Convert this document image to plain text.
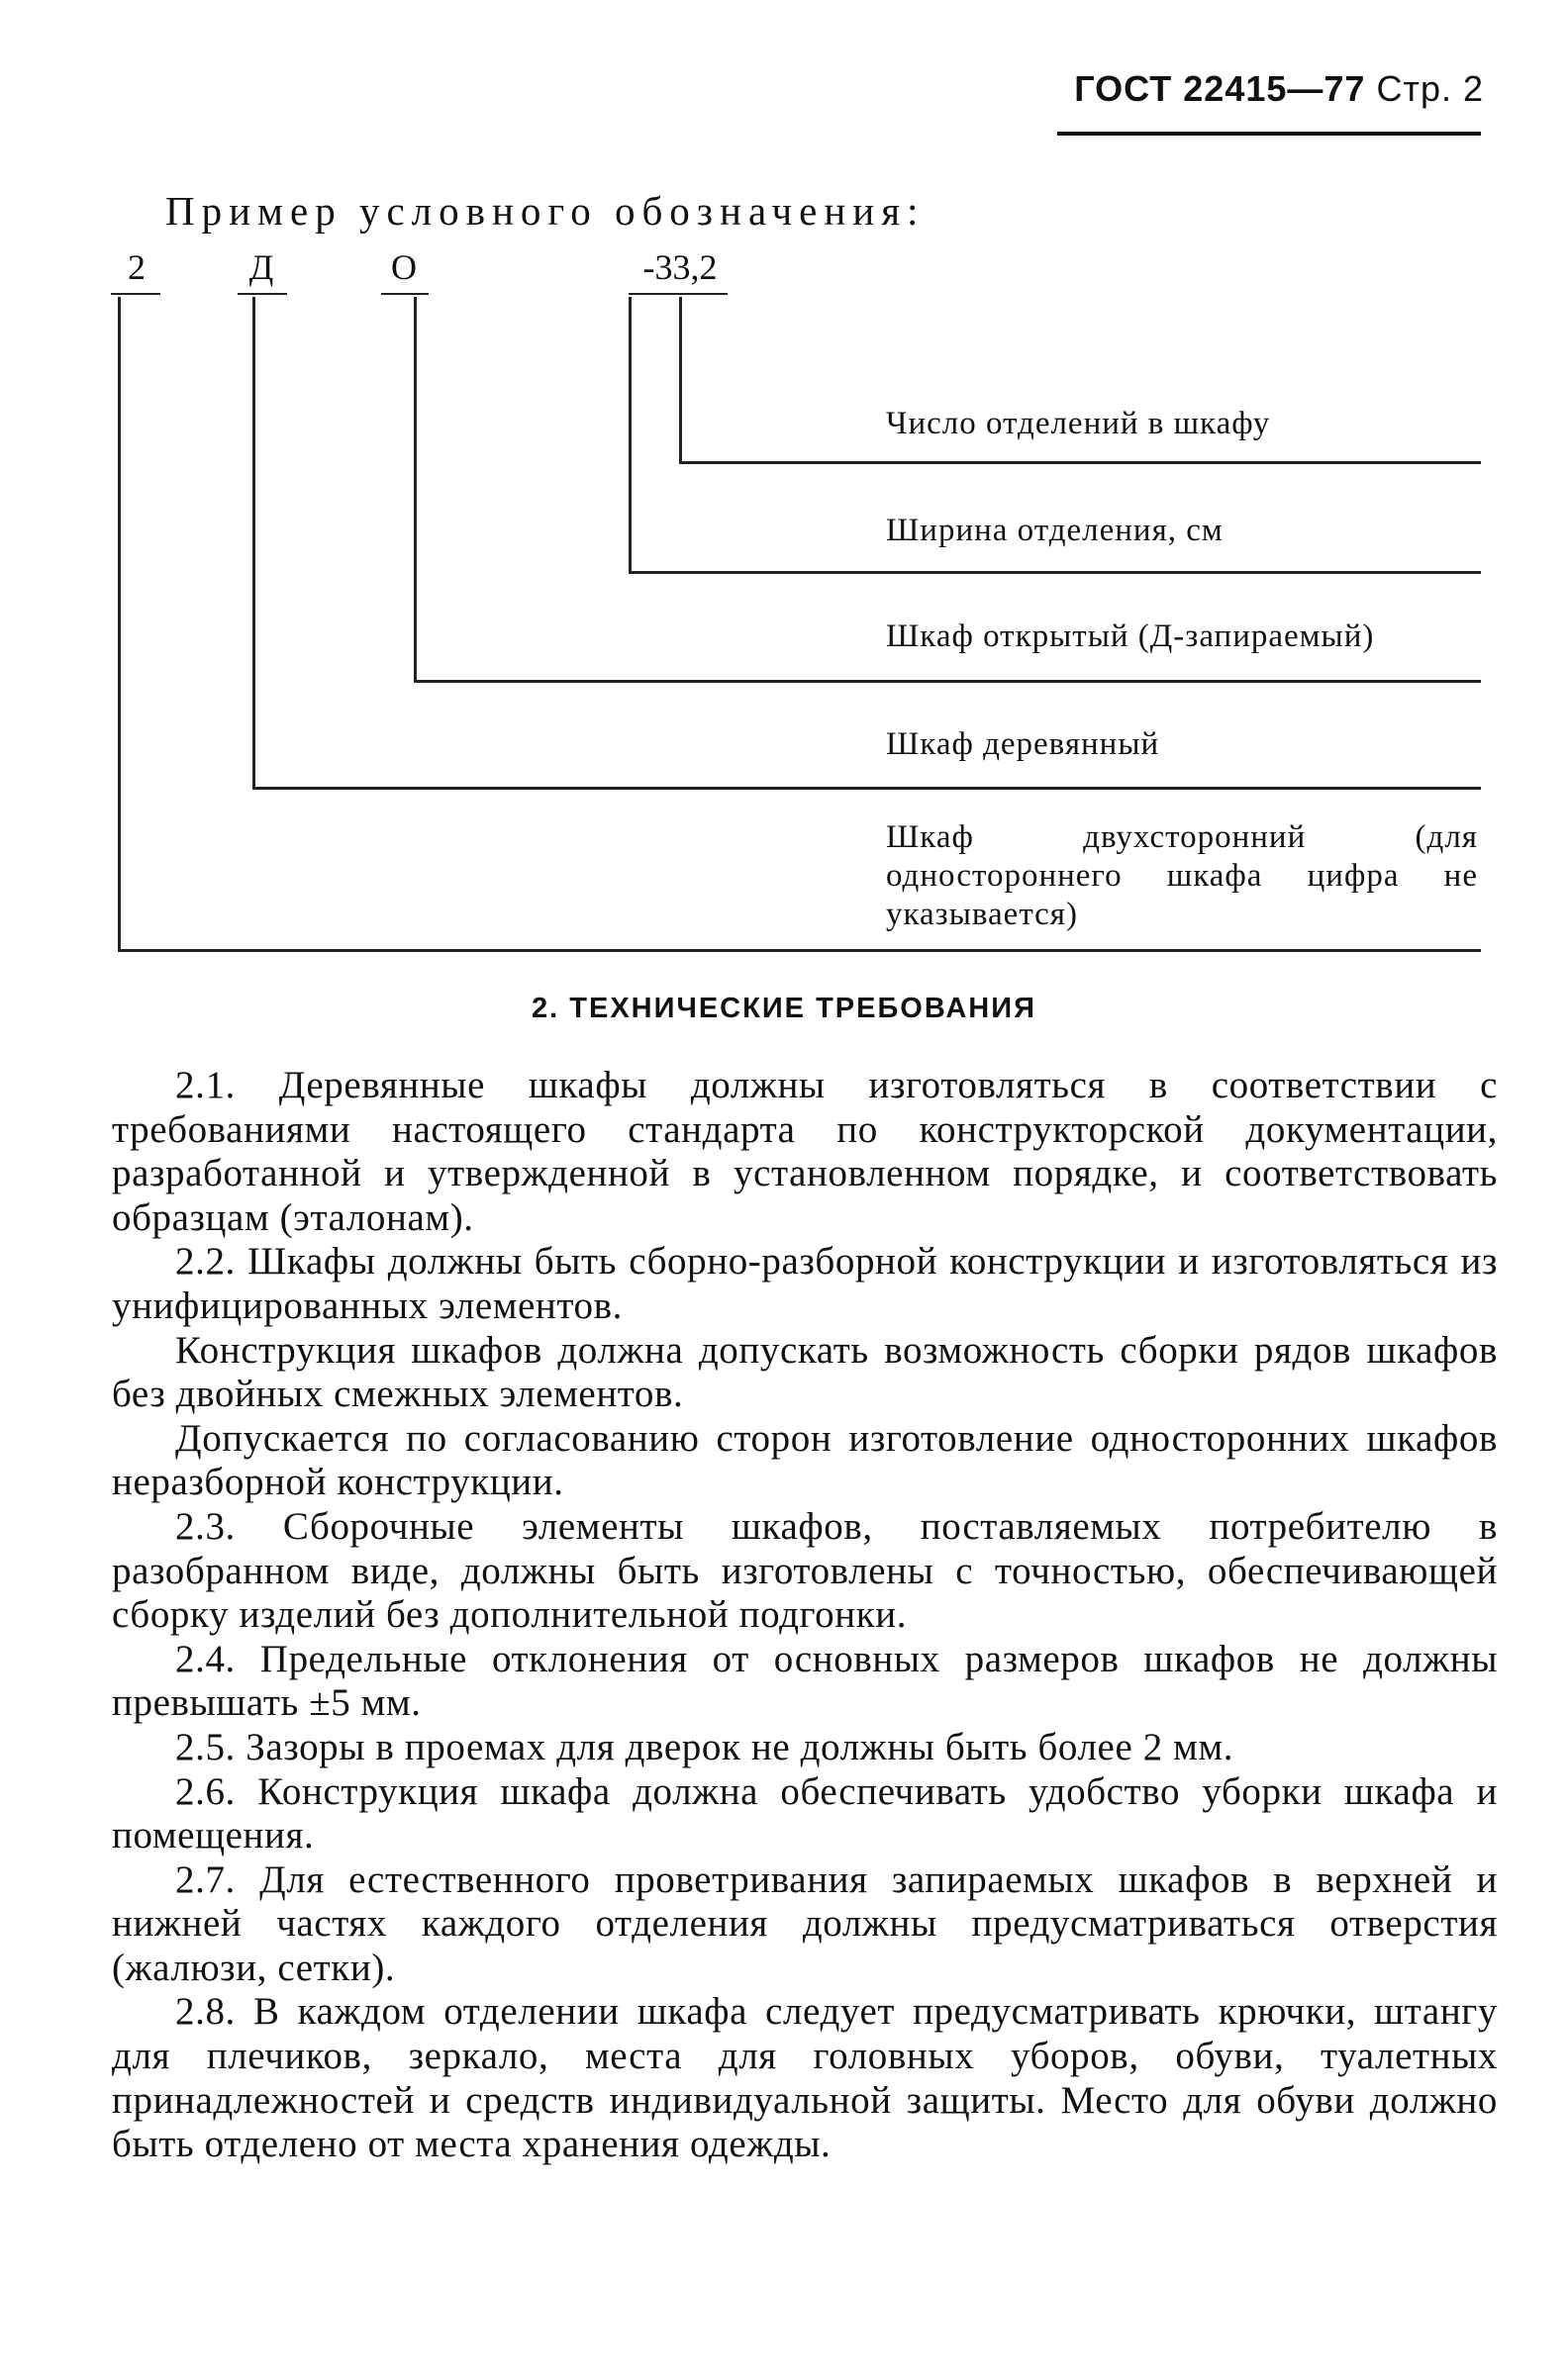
ГОСТ 22415—77 Стр. 2
Пример условного обозначения:
2	Д	О	-33,2
Число отделений в шкафу
Ширина отделения, см
Шкаф открытый (Д-запираемый)
Шкаф деревянный
Шкаф двухсторонний (для одностороннего шкафа цифра не указывается)
2. ТЕХНИЧЕСКИЕ ТРЕБОВАНИЯ

2.1. Деревянные шкафы должны изготовляться в соответствии с требованиями настоящего стандарта по конструкторской документации, разработанной и утвержденной в установленном порядке, и соответствовать образцам (эталонам).

2.2. Шкафы должны быть сборно-разборной конструкции и изготовляться из унифицированных элементов.

Конструкция шкафов должна допускать возможность сборки рядов шкафов без двойных смежных элементов.

Допускается по согласованию сторон изготовление односторонних шкафов неразборной конструкции.

2.3. Сборочные элементы шкафов, поставляемых потребителю в разобранном виде, должны быть изготовлены с точностью, обеспечивающей сборку изделий без дополнительной подгонки.

2.4. Предельные отклонения от основных размеров шкафов не должны превышать ±5 мм.

2.5. Зазоры в проемах для дверок не должны быть более 2 мм.

2.6. Конструкция шкафа должна обеспечивать удобство уборки шкафа и помещения.

2.7. Для естественного проветривания запираемых шкафов в верхней и нижней частях каждого отделения должны предусматриваться отверстия (жалюзи, сетки).

2.8. В каждом отделении шкафа следует предусматривать крючки, штангу для плечиков, зеркало, места для головных уборов, обуви, туалетных принадлежностей и средств индивидуальной защиты. Место для обуви должно быть отделено от места хранения одежды.
